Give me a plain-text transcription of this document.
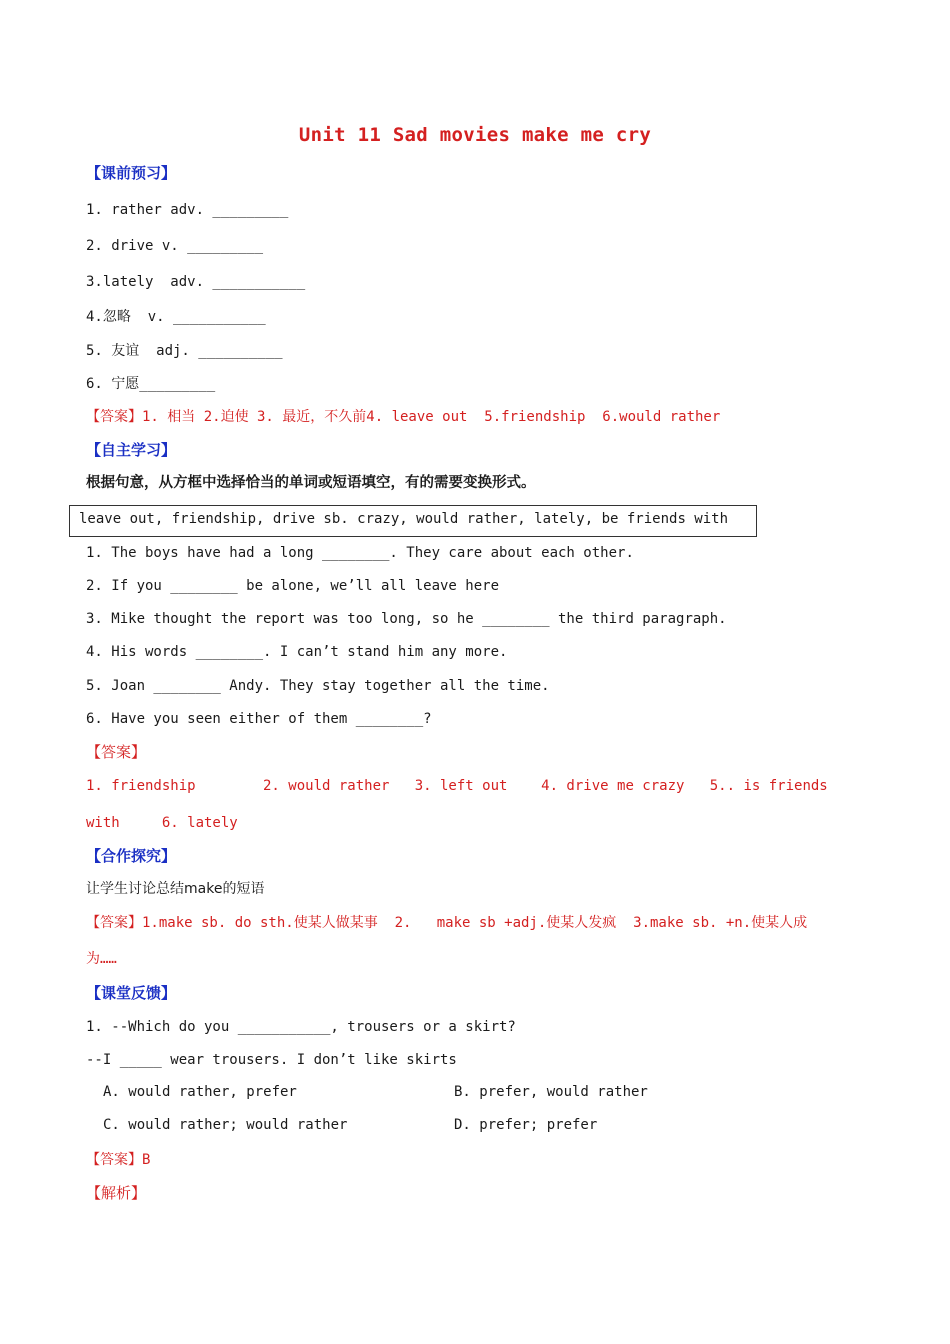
Unit 11 Sad movies make me cry
【课前预习】
1. rather adv. _________
2. drive v. _________
3.lately  adv. ___________
4.忽略  v. ___________
5. 友谊  adj. __________
6. 宁愿_________
【答案】1. 相当 2.迫使 3. 最近，不久前4. leave out  5.friendship  6.would rather
【自主学习】
根据句意，从方框中选择恰当的单词或短语填空，有的需要变换形式。
leave out, friendship, drive sb. crazy, would rather, lately, be friends with
1. The boys have had a long ________. They care about each other.
2. If you ________ be alone, we’ll all leave here
3. Mike thought the report was too long, so he ________ the third paragraph.
4. His words ________. I can’t stand him any more.
5. Joan ________ Andy. They stay together all the time.
6. Have you seen either of them ________?
【答案】
1. friendship        2. would rather   3. left out    4. drive me crazy   5.. is friends
with     6. lately
【合作探究】
让学生讨论总结make的短语
【答案】1.make sb. do sth.使某人做某事  2.   make sb +adj.使某人发疯  3.make sb. +n.使某人成
为……
【课堂反馈】
1. --Which do you ___________, trousers or a skirt?
--I _____ wear trousers. I don’t like skirts
A. would rather, prefer	B. prefer, would rather
C. would rather; would rather	D. prefer; prefer
【答案】B
【解析】
